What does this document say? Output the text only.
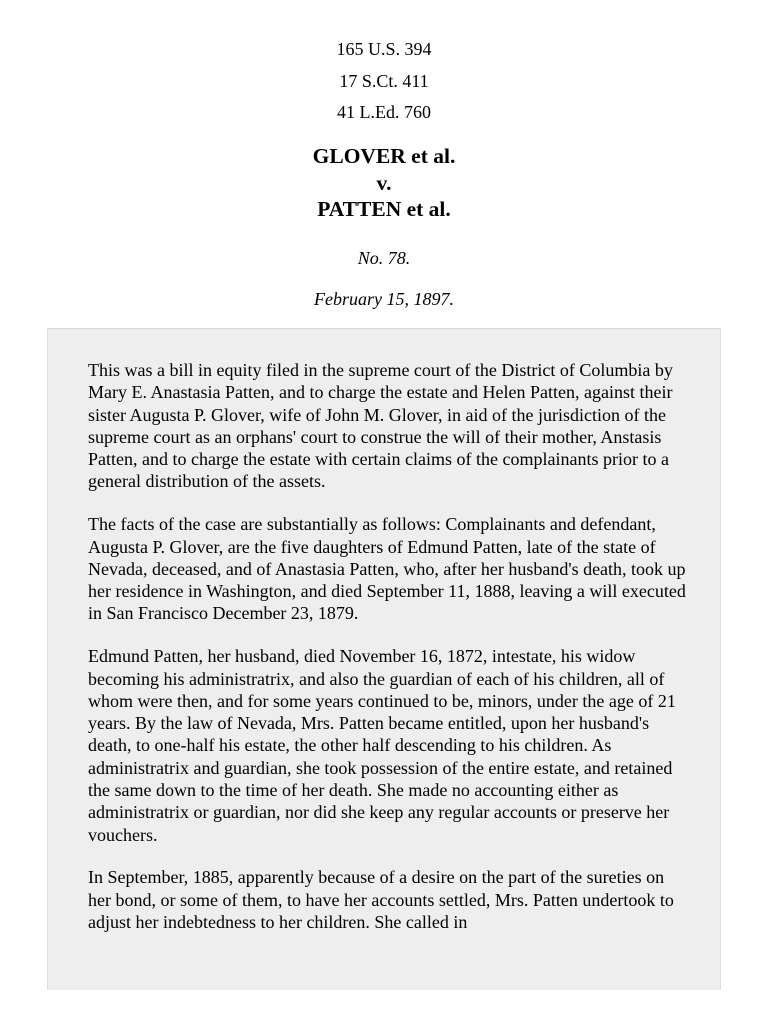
165 U.S. 394
17 S.Ct. 411
41 L.Ed. 760
GLOVER et al.
v.
PATTEN et al.
No. 78.
February 15, 1897.

This was a bill in equity filed in the supreme court of the District of Columbia by Mary E. Anastasia Patten, and to charge the estate and Helen Patten, against their sister Augusta P. Glover, wife of John M. Glover, in aid of the jurisdiction of the supreme court as an orphans' court to construe the will of their mother, Anstasis Patten, and to charge the estate with certain claims of the complainants prior to a general distribution of the assets.

The facts of the case are substantially as follows: Complainants and defendant, Augusta P. Glover, are the five daughters of Edmund Patten, late of the state of Nevada, deceased, and of Anastasia Patten, who, after her husband's death, took up her residence in Washington, and died September 11, 1888, leaving a will executed in San Francisco December 23, 1879.

Edmund Patten, her husband, died November 16, 1872, intestate, his widow becoming his administratrix, and also the guardian of each of his children, all of whom were then, and for some years continued to be, minors, under the age of 21 years. By the law of Nevada, Mrs. Patten became entitled, upon her husband's death, to one-half his estate, the other half descending to his children. As administratrix and guardian, she took possession of the entire estate, and retained the same down to the time of her death. She made no accounting either as administratrix or guardian, nor did she keep any regular accounts or preserve her vouchers.

In September, 1885, apparently because of a desire on the part of the sureties on her bond, or some of them, to have her accounts settled, Mrs. Patten undertook to adjust her indebtedness to her children. She called in
